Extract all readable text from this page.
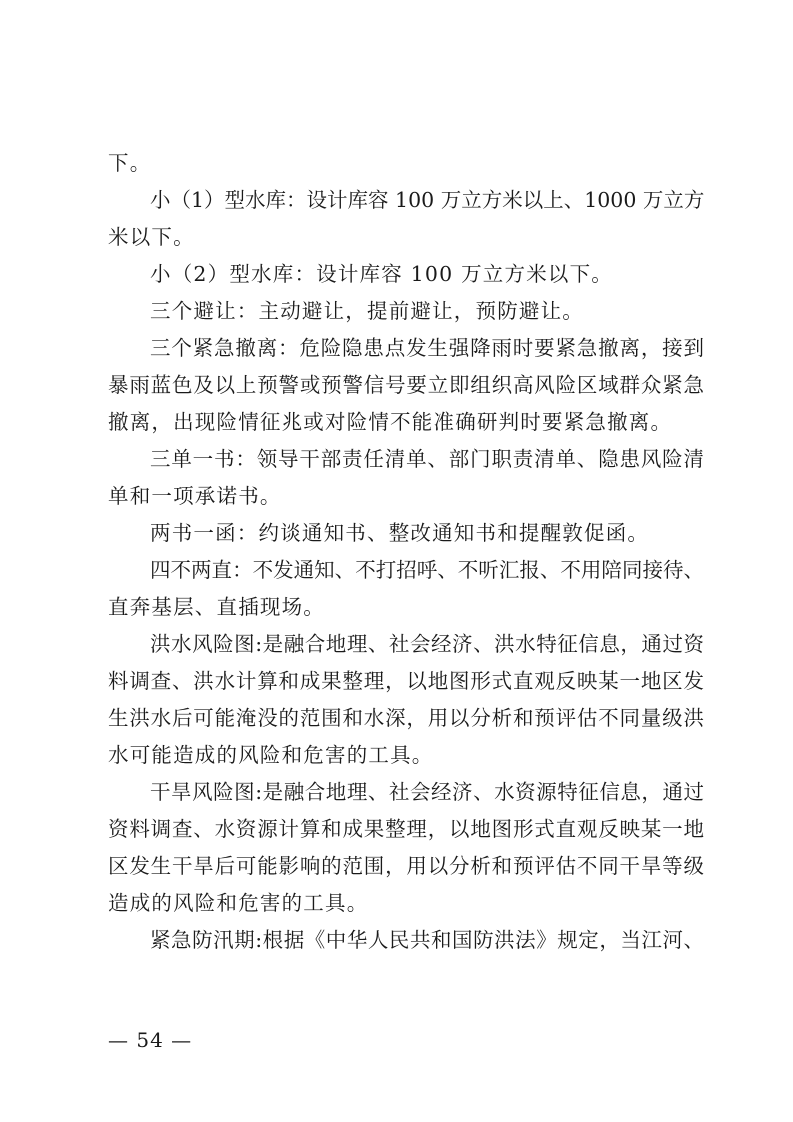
下。
小（1）型水库：设计库容 100 万立方米以上、1000 万立方
米以下。
小（2）型水库：设计库容 100 万立方米以下。
三个避让：主动避让，提前避让，预防避让。
三个紧急撤离：危险隐患点发生强降雨时要紧急撤离，接到
暴雨蓝色及以上预警或预警信号要立即组织高风险区域群众紧急
撤离，出现险情征兆或对险情不能准确研判时要紧急撤离。
三单一书：领导干部责任清单、部门职责清单、隐患风险清
单和一项承诺书。
两书一函：约谈通知书、整改通知书和提醒敦促函。
四不两直：不发通知、不打招呼、不听汇报、不用陪同接待、
直奔基层、直插现场。
洪水风险图:是融合地理、社会经济、洪水特征信息，通过资
料调查、洪水计算和成果整理，以地图形式直观反映某一地区发
生洪水后可能淹没的范围和水深，用以分析和预评估不同量级洪
水可能造成的风险和危害的工具。
干旱风险图:是融合地理、社会经济、水资源特征信息，通过
资料调查、水资源计算和成果整理，以地图形式直观反映某一地
区发生干旱后可能影响的范围，用以分析和预评估不同干旱等级
造成的风险和危害的工具。
紧急防汛期:根据《中华人民共和国防洪法》规定，当江河、
— 54 —
